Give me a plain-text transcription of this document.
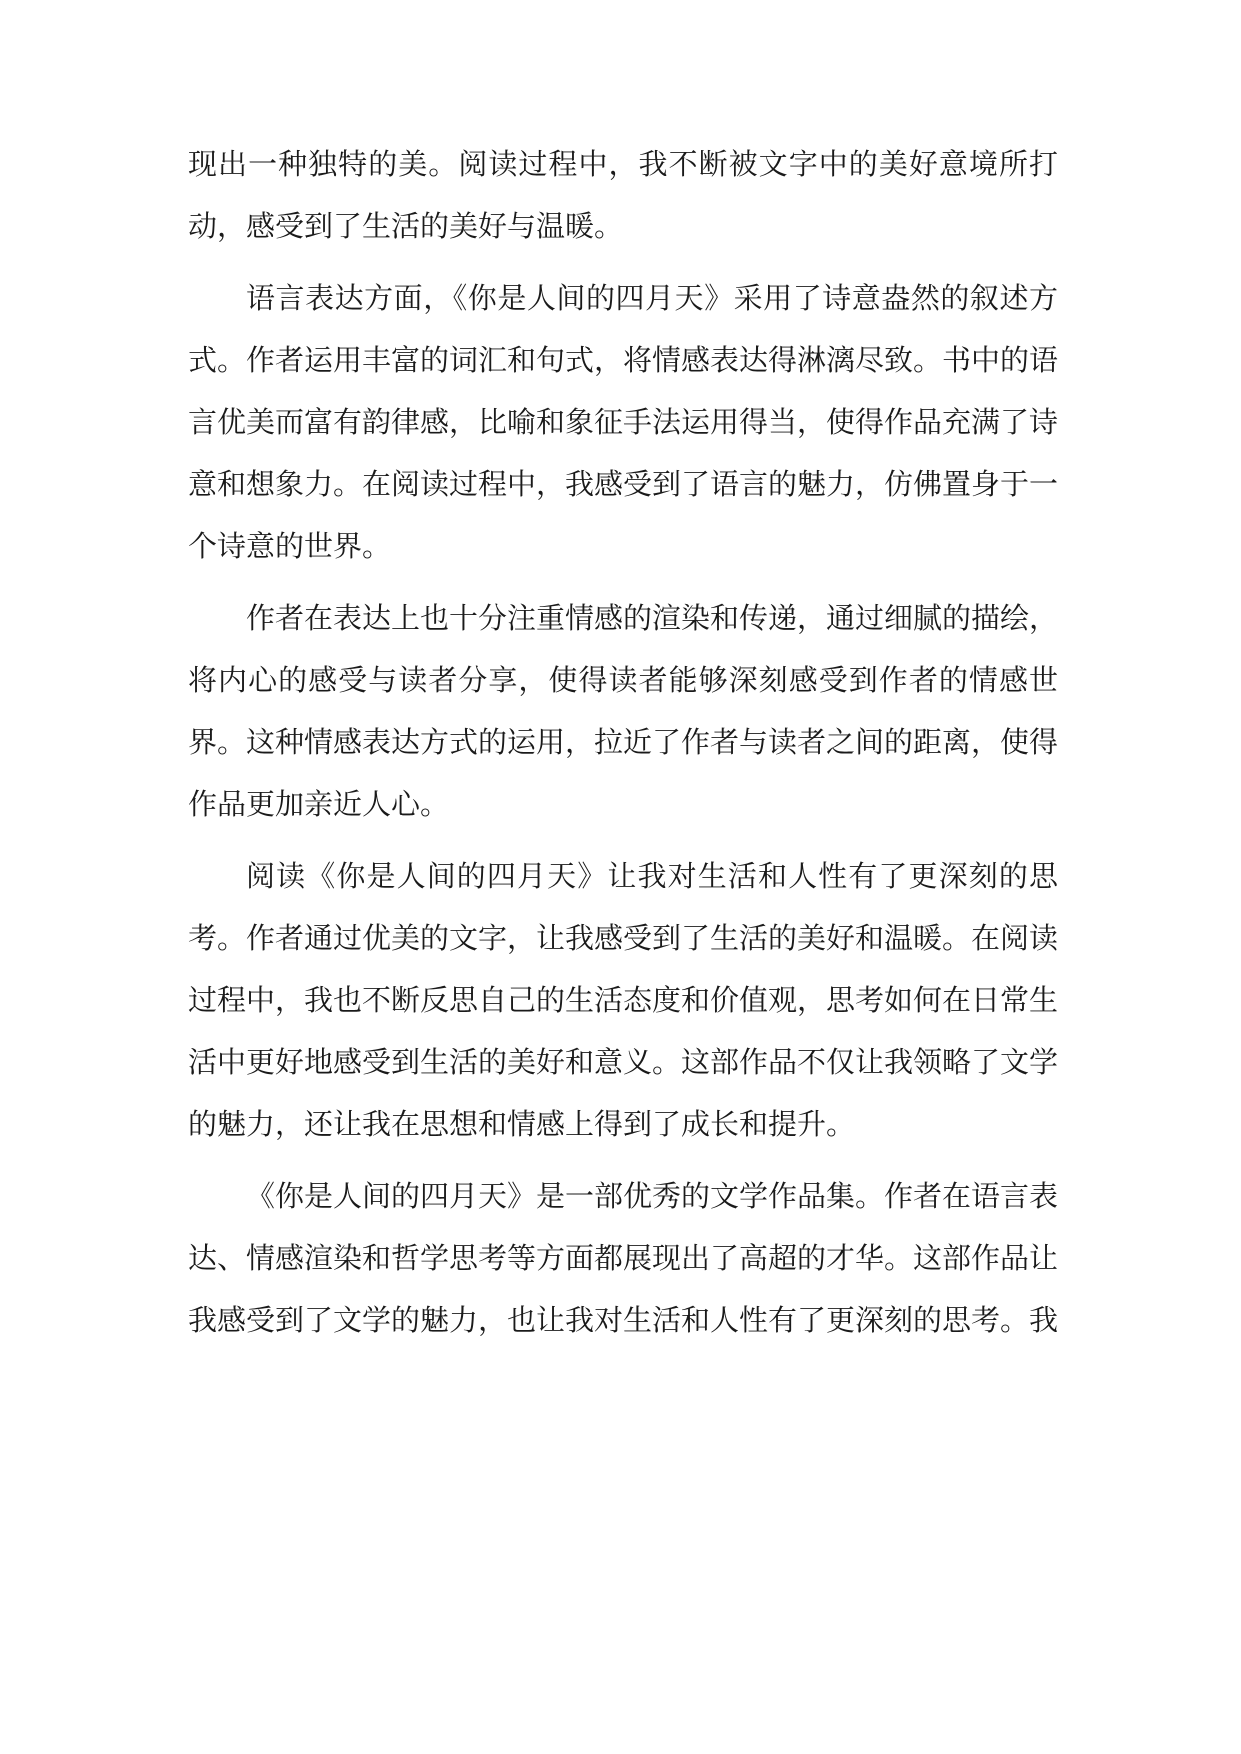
现出一种独特的美。阅读过程中，我不断被文字中的美好意境所打动，感受到了生活的美好与温暖。

语言表达方面，《你是人间的四月天》采用了诗意盎然的叙述方式。作者运用丰富的词汇和句式，将情感表达得淋漓尽致。书中的语言优美而富有韵律感，比喻和象征手法运用得当，使得作品充满了诗意和想象力。在阅读过程中，我感受到了语言的魅力，仿佛置身于一个诗意的世界。

作者在表达上也十分注重情感的渲染和传递，通过细腻的描绘，将内心的感受与读者分享，使得读者能够深刻感受到作者的情感世界。这种情感表达方式的运用，拉近了作者与读者之间的距离，使得作品更加亲近人心。

阅读《你是人间的四月天》让我对生活和人性有了更深刻的思考。作者通过优美的文字，让我感受到了生活的美好和温暖。在阅读过程中，我也不断反思自己的生活态度和价值观，思考如何在日常生活中更好地感受到生活的美好和意义。这部作品不仅让我领略了文学的魅力，还让我在思想和情感上得到了成长和提升。

《你是人间的四月天》是一部优秀的文学作品集。作者在语言表达、情感渲染和哲学思考等方面都展现出了高超的才华。这部作品让我感受到了文学的魅力，也让我对生活和人性有了更深刻的思考。我
